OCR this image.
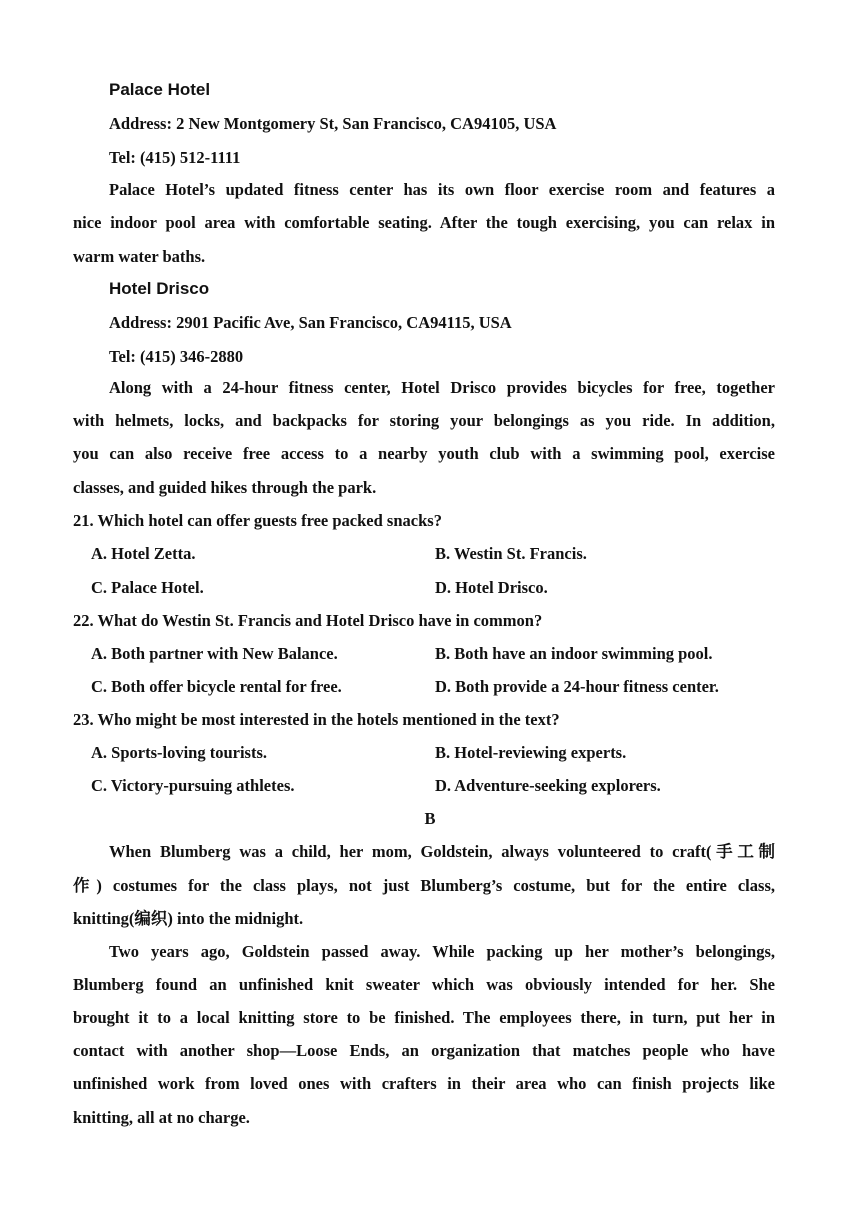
Palace Hotel
Address: 2 New Montgomery St, San Francisco, CA94105, USA
Tel: (415) 512-1111
Palace Hotel’s updated fitness center has its own floor exercise room and features a
nice indoor pool area with comfortable seating. After the tough exercising, you can relax in
warm water baths.
Hotel Drisco
Address: 2901 Pacific Ave, San Francisco, CA94115, USA
Tel: (415) 346-2880
Along with a 24-hour fitness center, Hotel Drisco provides bicycles for free, together
with helmets, locks, and backpacks for storing your belongings as you ride. In addition,
you can also receive free access to a nearby youth club with a swimming pool, exercise
classes, and guided hikes through the park.
21. Which hotel can offer guests free packed snacks?
A. Hotel Zetta.	B. Westin St. Francis.
C. Palace Hotel.	D. Hotel Drisco.
22. What do Westin St. Francis and Hotel Drisco have in common?
A. Both partner with New Balance.	B. Both have an indoor swimming pool.
C. Both offer bicycle rental for free.	D. Both provide a 24-hour fitness center.
23. Who might be most interested in the hotels mentioned in the text?
A. Sports-loving tourists.	B. Hotel-reviewing experts.
C. Victory-pursuing athletes.	D. Adventure-seeking explorers.
B
When Blumberg was a child, her mom, Goldstein, always volunteered to craft(手工制
作) costumes for the class plays, not just Blumberg’s costume, but for the entire class,
knitting(编织) into the midnight.
Two years ago, Goldstein passed away. While packing up her mother’s belongings,
Blumberg found an unfinished knit sweater which was obviously intended for her. She
brought it to a local knitting store to be finished. The employees there, in turn, put her in
contact with another shop—Loose Ends, an organization that matches people who have
unfinished work from loved ones with crafters in their area who can finish projects like
knitting, all at no charge.
